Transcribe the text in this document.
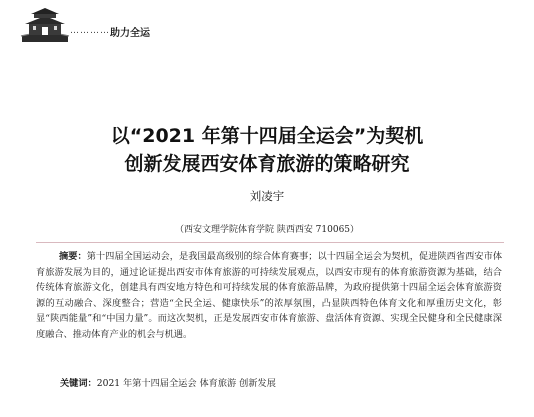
………… 助力全运
以“2021 年第十四届全运会”为契机
创新发展西安体育旅游的策略研究
刘凌宇
（西安文理学院体育学院 陕西西安 710065）
摘要：第十四届全国运动会，是我国最高级别的综合体育赛事；以十四届全运会为契机，促进陕西省西安市体育旅游发展为目的，通过论证提出西安市体育旅游的可持续发展观点，以西安市现有的体育旅游资源为基础，结合传统体育旅游文化，创建具有西安地方特色和可持续发展的体育旅游品牌，为政府提供第十四届全运会体育旅游资源的互动融合、深度整合；营造“全民全运、健康快乐”的浓厚氛围，凸显陕西特色体育文化和厚重历史文化，彰显“陕西能量”和“中国力量”。而这次契机，正是发展西安市体育旅游、盘活体育资源、实现全民健身和全民健康深度融合、推动体育产业的机会与机遇。
关键词：2021 年第十四届全运会 体育旅游 创新发展
